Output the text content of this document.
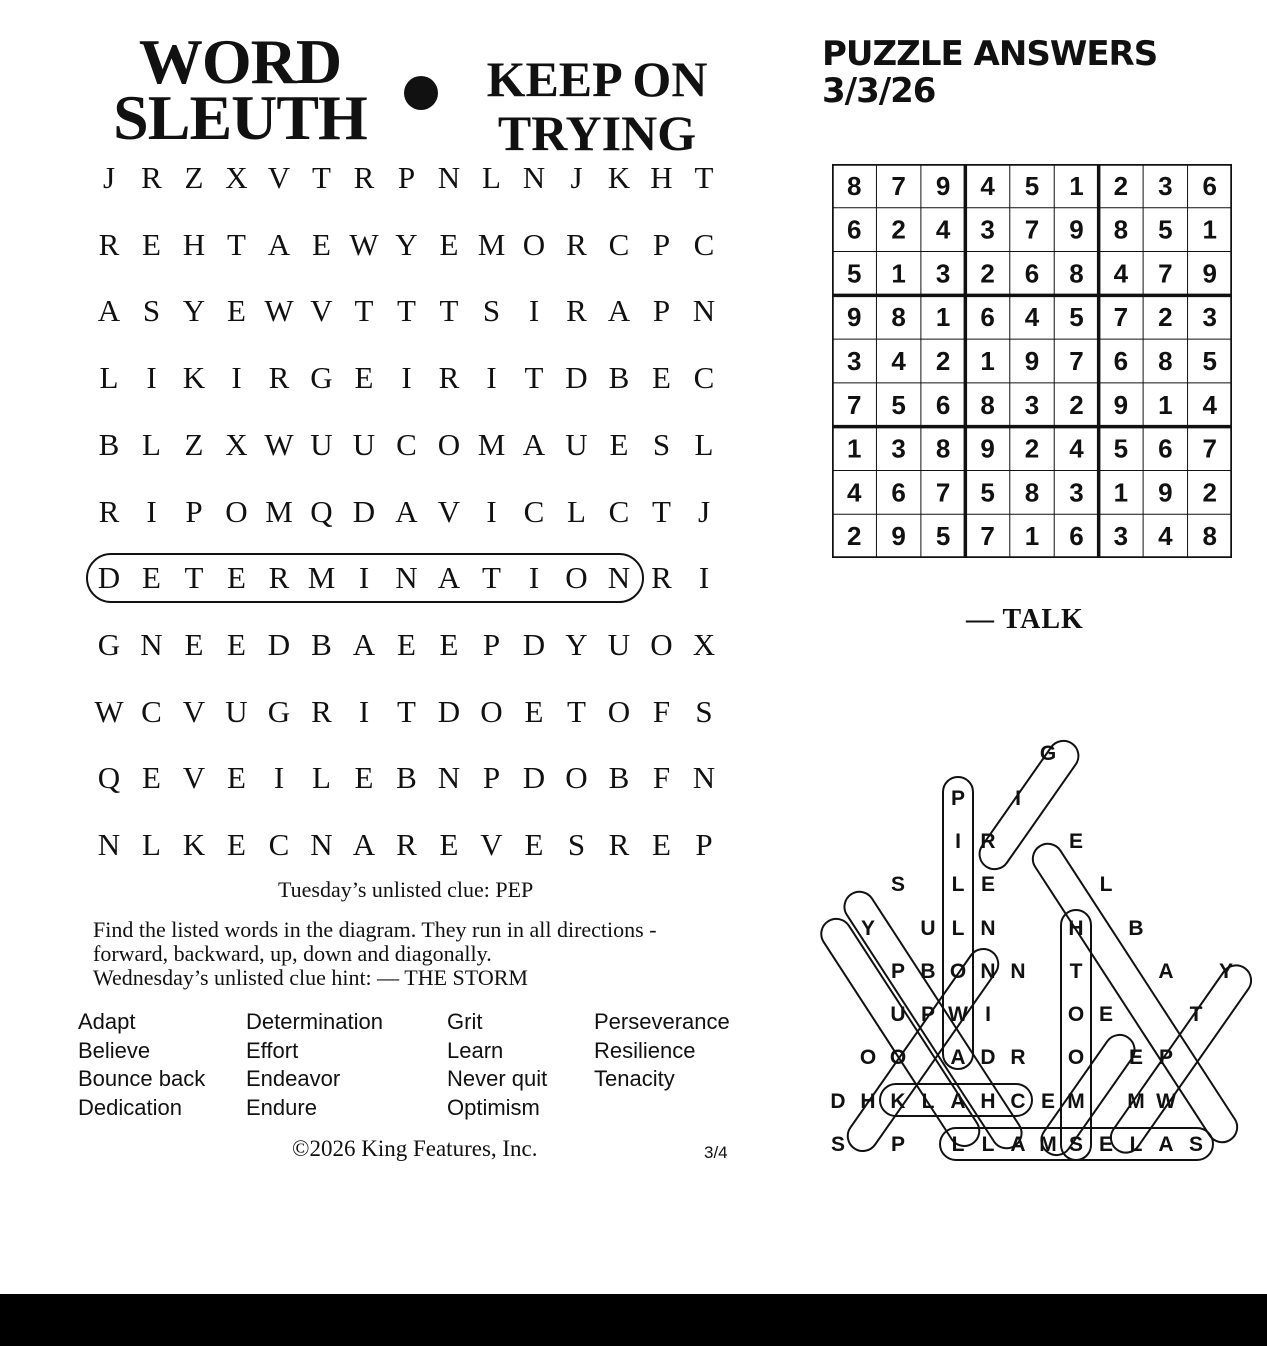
WORD
SLEUTH
KEEP ON
TRYING
J R Z X V T R P N L N J K H T
R E H T A E W Y E M O R C P C
A S Y E W V T T T S I R A P N
L I K I R G E I R I T D B E C
B L Z X W U U C O M A U E S L
R I P O M Q D A V I C L C T J
D E T E R M I N A T I O N R I
G N E E D B A E E P D Y U O X
W C V U G R I T D O E T O F S
Q E V E I L E B N P D O B F N
N L K E C N A R E V E S R E P
Tuesday’s unlisted clue: PEP
Find the listed words in the diagram. They run in all directions -
forward, backward, up, down and diagonally.
Wednesday’s unlisted clue hint: — THE STORM
Adapt
Believe
Bounce back
Dedication
Determination
Effort
Endeavor
Endure
Grit
Learn
Never quit
Optimism
Perseverance
Resilience
Tenacity
©2026 King Features, Inc.	3/4
PUZZLE ANSWERS
3/3/26
8 7 9 4 5 1 2 3 6
6 2 4 3 7 9 8 5 1
5 1 3 2 6 8 4 7 9
9 8 1 6 4 5 7 2 3
3 4 2 1 9 7 6 8 5
7 5 6 8 3 2 9 1 4
1 3 8 9 2 4 5 6 7
4 6 7 5 8 3 1 9 2
2 9 5 7 1 6 3 4 8
— TALK
G
P I
I R	E
S L E	L
Y U L N	H B
P B O N N T	A Y
U P W I	O E	T
O O A D R O E P
D H K L A H C E M M W
S P L L A M S E L A S
